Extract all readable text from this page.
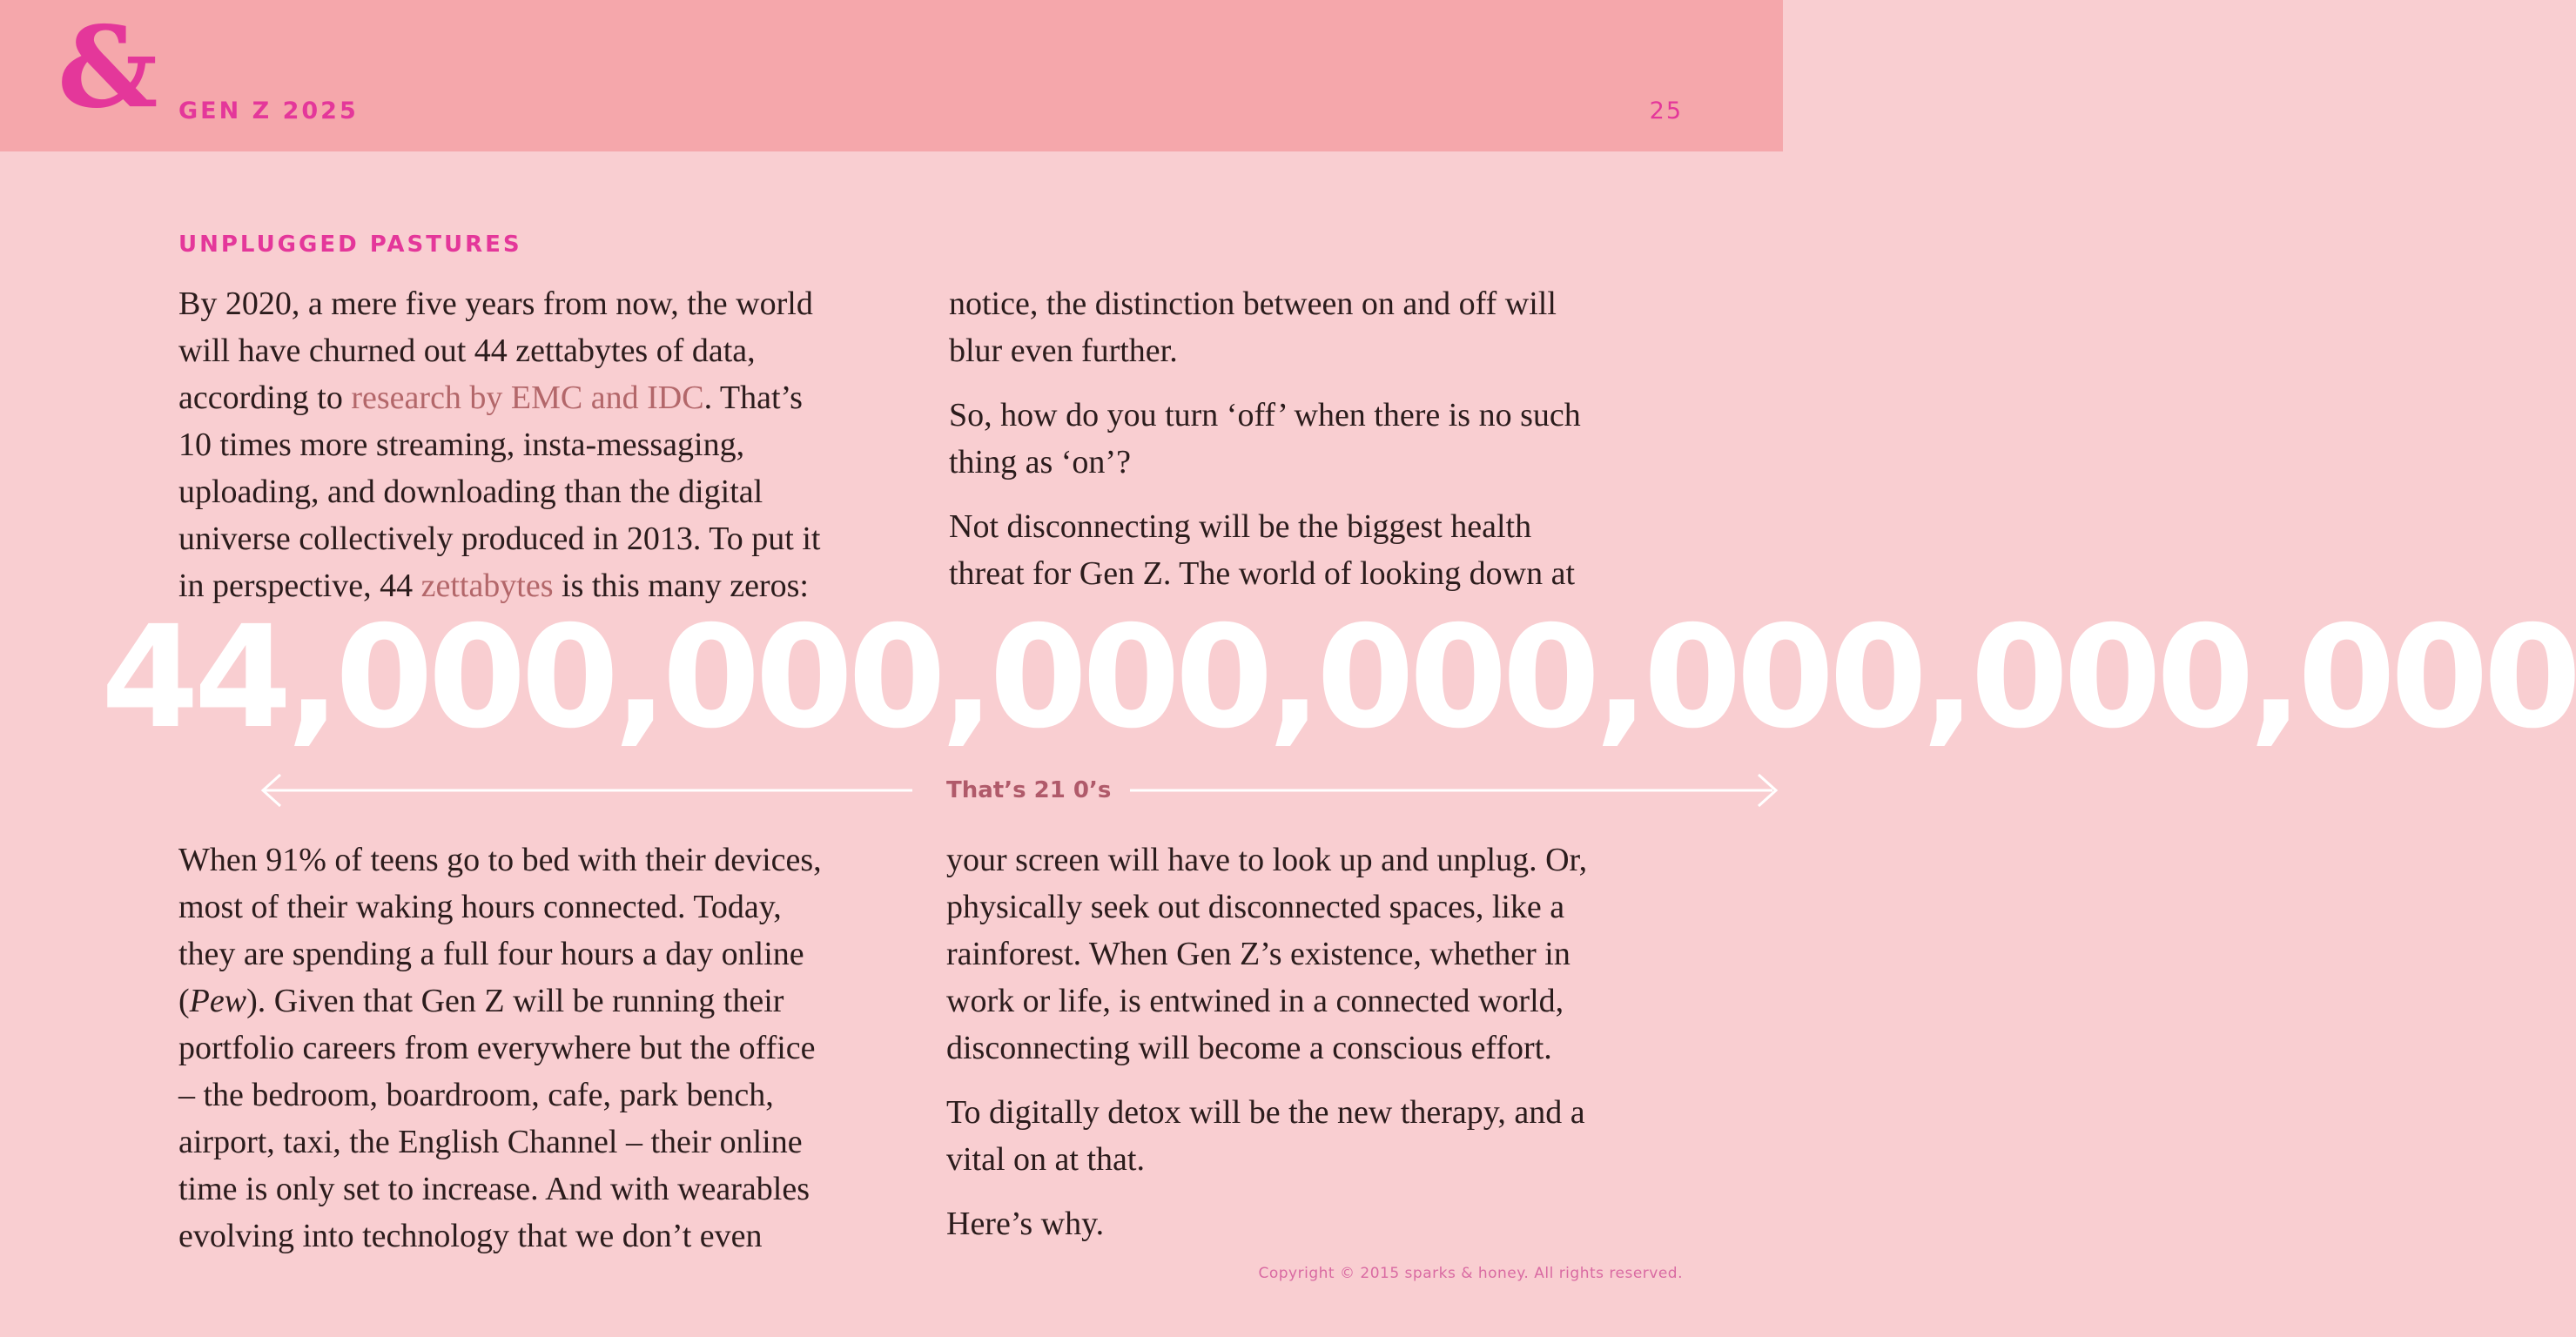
& GEN Z 2025	25
UNPLUGGED PASTURES

By 2020, a mere five years from now, the world will have churned out 44 zettabytes of data, according to research by EMC and IDC. That’s 10 times more streaming, insta-messaging, uploading, and downloading than the digital universe collectively produced in 2013. To put it in perspective, 44 zettabytes is this many zeros:

notice, the distinction between on and off will blur even further.

So, how do you turn ‘off’ when there is no such thing as ‘on’?

Not disconnecting will be the biggest health threat for Gen Z. The world of looking down at

44,000,000,000,000,000,000,000
That’s 21 0’s

When 91% of teens go to bed with their devices, most of their waking hours connected. Today, they are spending a full four hours a day online (Pew). Given that Gen Z will be running their portfolio careers from everywhere but the office – the bedroom, boardroom, cafe, park bench, airport, taxi, the English Channel – their online time is only set to increase. And with wearables evolving into technology that we don’t even

your screen will have to look up and unplug. Or, physically seek out disconnected spaces, like a rainforest. When Gen Z’s existence, whether in work or life, is entwined in a connected world, disconnecting will become a conscious effort.

To digitally detox will be the new therapy, and a vital on at that.

Here’s why.

Copyright © 2015 sparks & honey. All rights reserved.
